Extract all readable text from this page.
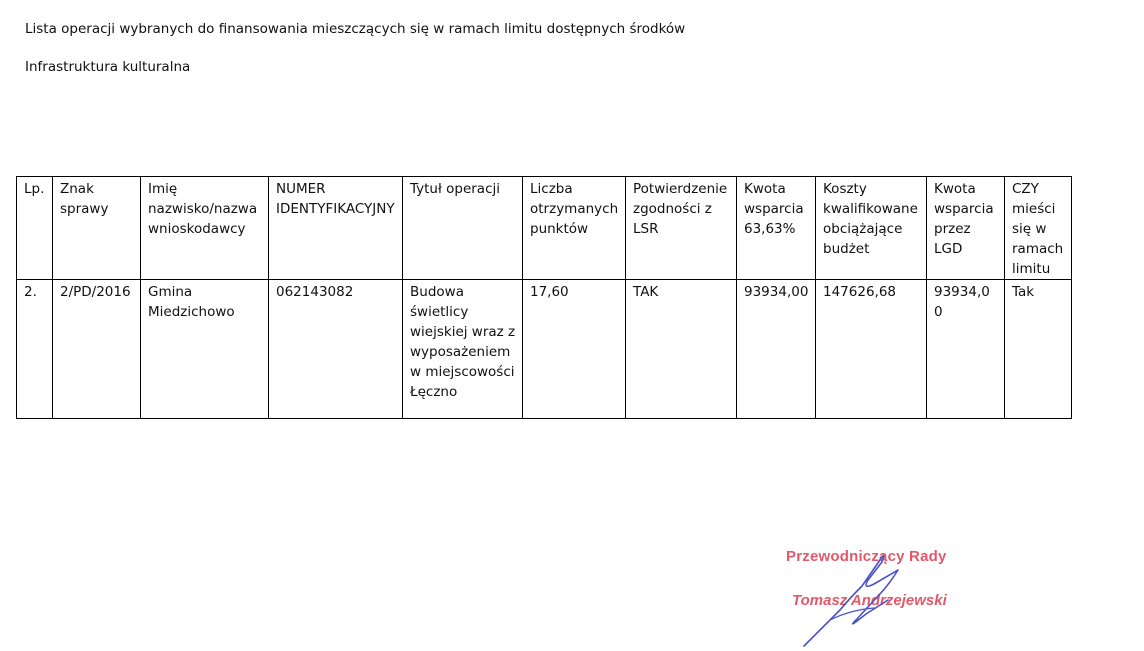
Lista operacji wybranych do finansowania mieszczących się w ramach limitu dostępnych środków
Infrastruktura kulturalna
Lp.	Znak sprawy	Imię nazwisko/nazwa wnioskodawcy	NUMER IDENTYFIKACYJNY	Tytuł operacji	Liczba otrzymanych punktów	Potwierdzenie zgodności z LSR	Kwota wsparcia 63,63%	Koszty kwalifikowane obciążające budżet	Kwota wsparcia przez LGD	CZY mieści się w ramach limitu
2.	2/PD/2016	Gmina Miedzichowo	062143082	Budowa świetlicy wiejskiej wraz z wyposażeniem w miejscowości Łęczno	17,60	TAK	93934,00	147626,68	93934,00	Tak
Przewodniczący Rady
Tomasz Andrzejewski
